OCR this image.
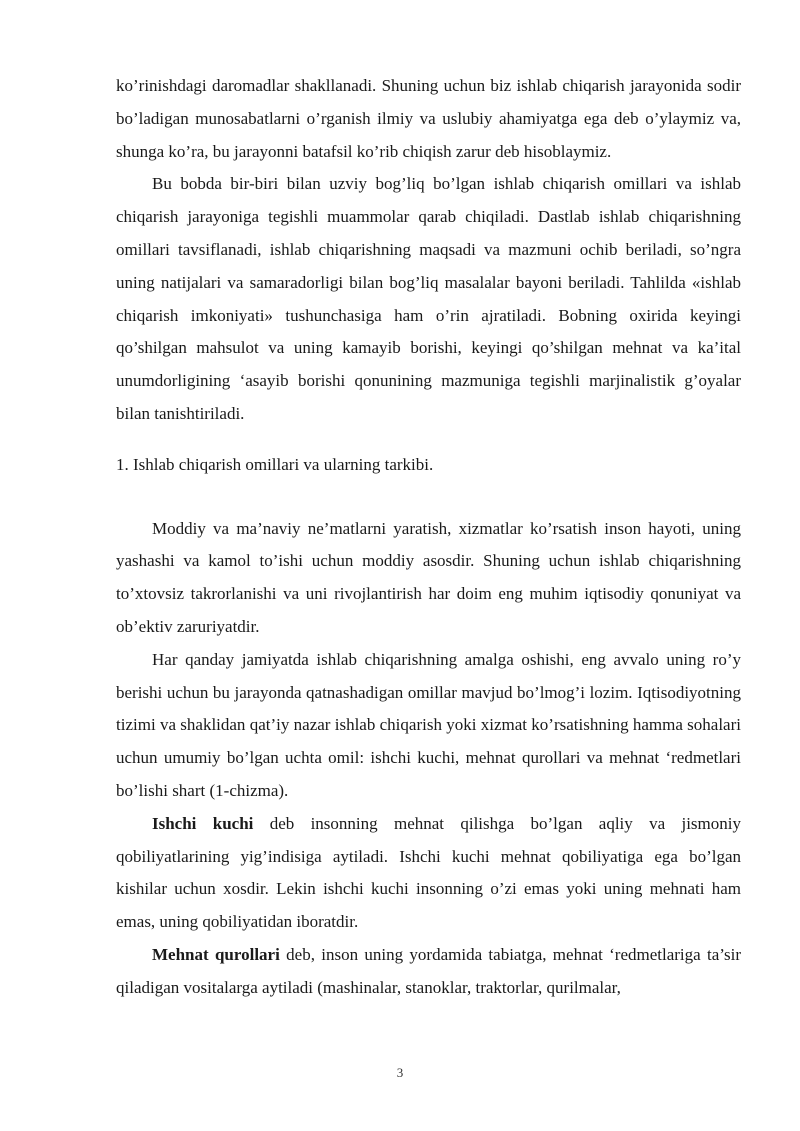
ko’rinishdagi daromadlar shakllanadi. Shuning uchun biz ishlab chiqarish jarayonida sodir bo’ladigan munosabatlarni o’rganish ilmiy va uslubiy ahamiyatga ega deb o’ylaymiz va, shunga ko’ra, bu jarayonni batafsil ko’rib chiqish zarur deb hisoblaymiz.

Bu bobda bir-biri bilan uzviy bog’liq bo’lgan ishlab chiqarish omillari va ishlab chiqarish jarayoniga tegishli muammolar qarab chiqiladi. Dastlab ishlab chiqarishning omillari tavsiflanadi, ishlab chiqarishning maqsadi va mazmuni ochib beriladi, so’ngra uning natijalari va samaradorligi bilan bog’liq masalalar bayoni beriladi. Tahlilda «ishlab chiqarish imkoniyati» tushunchasiga ham o’rin ajratiladi. Bobning oxirida keyingi qo’shilgan mahsulot va uning kamayib borishi, keyingi qo’shilgan mehnat va ka’ital unumdorligining ‘asayib borishi qonunining mazmuniga tegishli marjinalistik g’oyalar bilan tanishtiriladi.

1. Ishlab chiqarish omillari va ularning tarkibi.

Moddiy va ma’naviy ne’matlarni yaratish, xizmatlar ko’rsatish inson hayoti, uning yashashi va kamol to’ishi uchun moddiy asosdir. Shuning uchun ishlab chiqarishning to’xtovsiz takrorlanishi va uni rivojlantirish har doim eng muhim iqtisodiy qonuniyat va ob’ektiv zaruriyatdir.

Har qanday jamiyatda ishlab chiqarishning amalga oshishi, eng avvalo uning ro’y berishi uchun bu jarayonda qatnashadigan omillar mavjud bo’lmog’i lozim. Iqtisodiyotning tizimi va shaklidan qat’iy nazar ishlab chiqarish yoki xizmat ko’rsatishning hamma sohalari uchun umumiy bo’lgan uchta omil: ishchi kuchi, mehnat qurollari va mehnat ‘redmetlari bo’lishi shart (1-chizma).

Ishchi kuchi deb insonning mehnat qilishga bo’lgan aqliy va jismoniy qobiliyatlarining yig’indisiga aytiladi. Ishchi kuchi mehnat qobiliyatiga ega bo’lgan kishilar uchun xosdir. Lekin ishchi kuchi insonning o’zi emas yoki uning mehnati ham emas, uning qobiliyatidan iboratdir.

Mehnat qurollari deb, inson uning yordamida tabiatga, mehnat ‘redmetlariga ta’sir qiladigan vositalarga aytiladi (mashinalar, stanoklar, traktorlar, qurilmalar,

3
